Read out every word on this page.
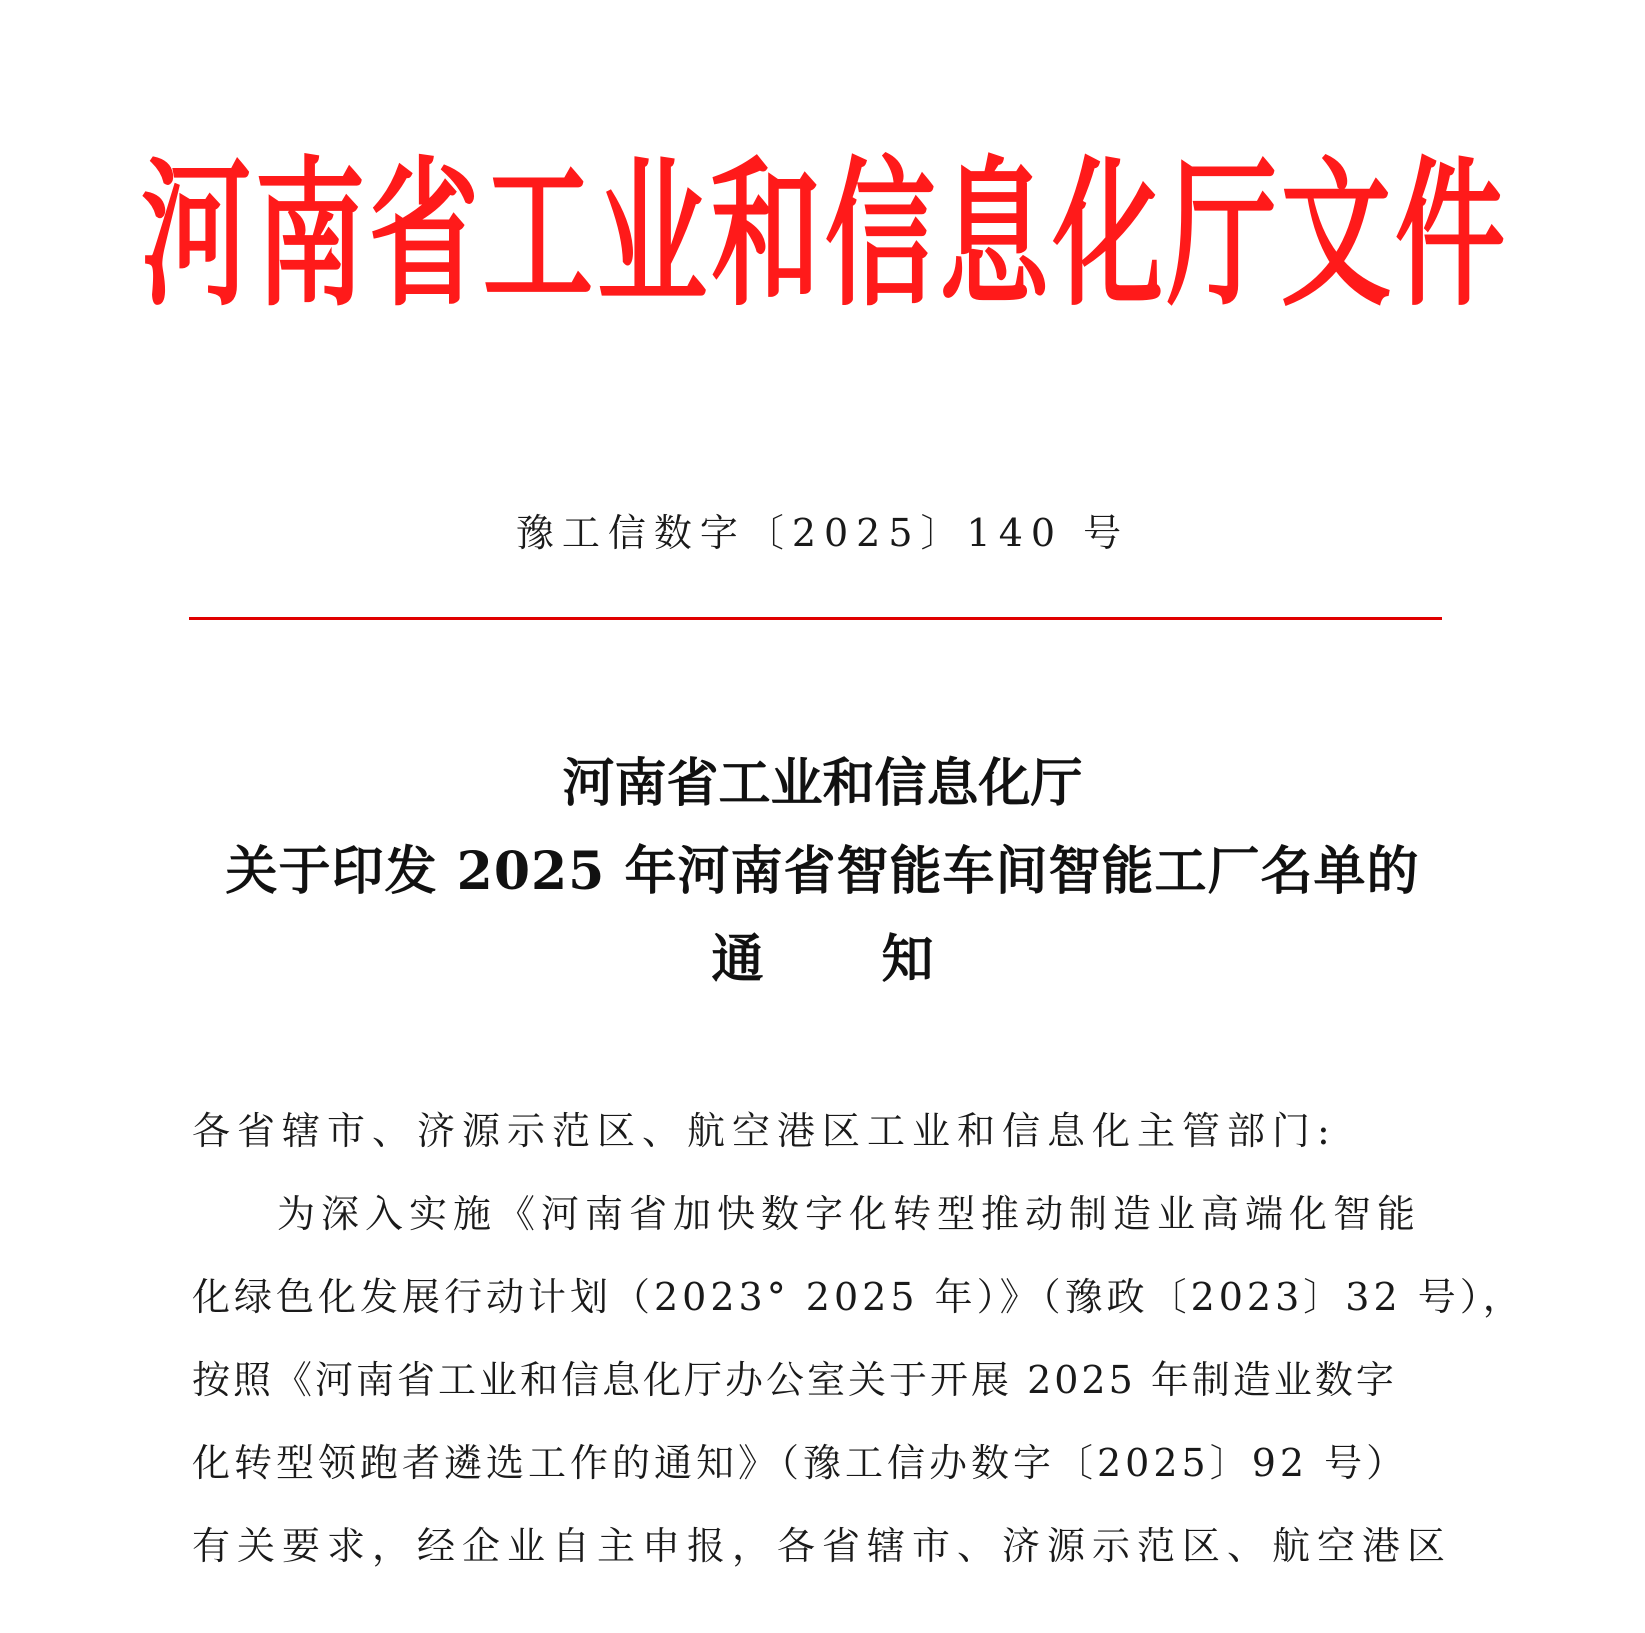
河南省工业和信息化厅文件
豫工信数字〔2025〕140 号
河南省工业和信息化厅
关于印发 2025 年河南省智能车间智能工厂名单的
通 知
各省辖市、济源示范区、航空港区工业和信息化主管部门:
为深入实施《河南省加快数字化转型推动制造业高端化智能
化绿色化发展行动计划（2023° 2025 年）》（豫政〔2023〕32 号），
按照《河南省工业和信息化厅办公室关于开展 2025 年制造业数字
化转型领跑者遴选工作的通知》（豫工信办数字〔2025〕92 号）
有关要求，经企业自主申报，各省辖市、济源示范区、航空港区
